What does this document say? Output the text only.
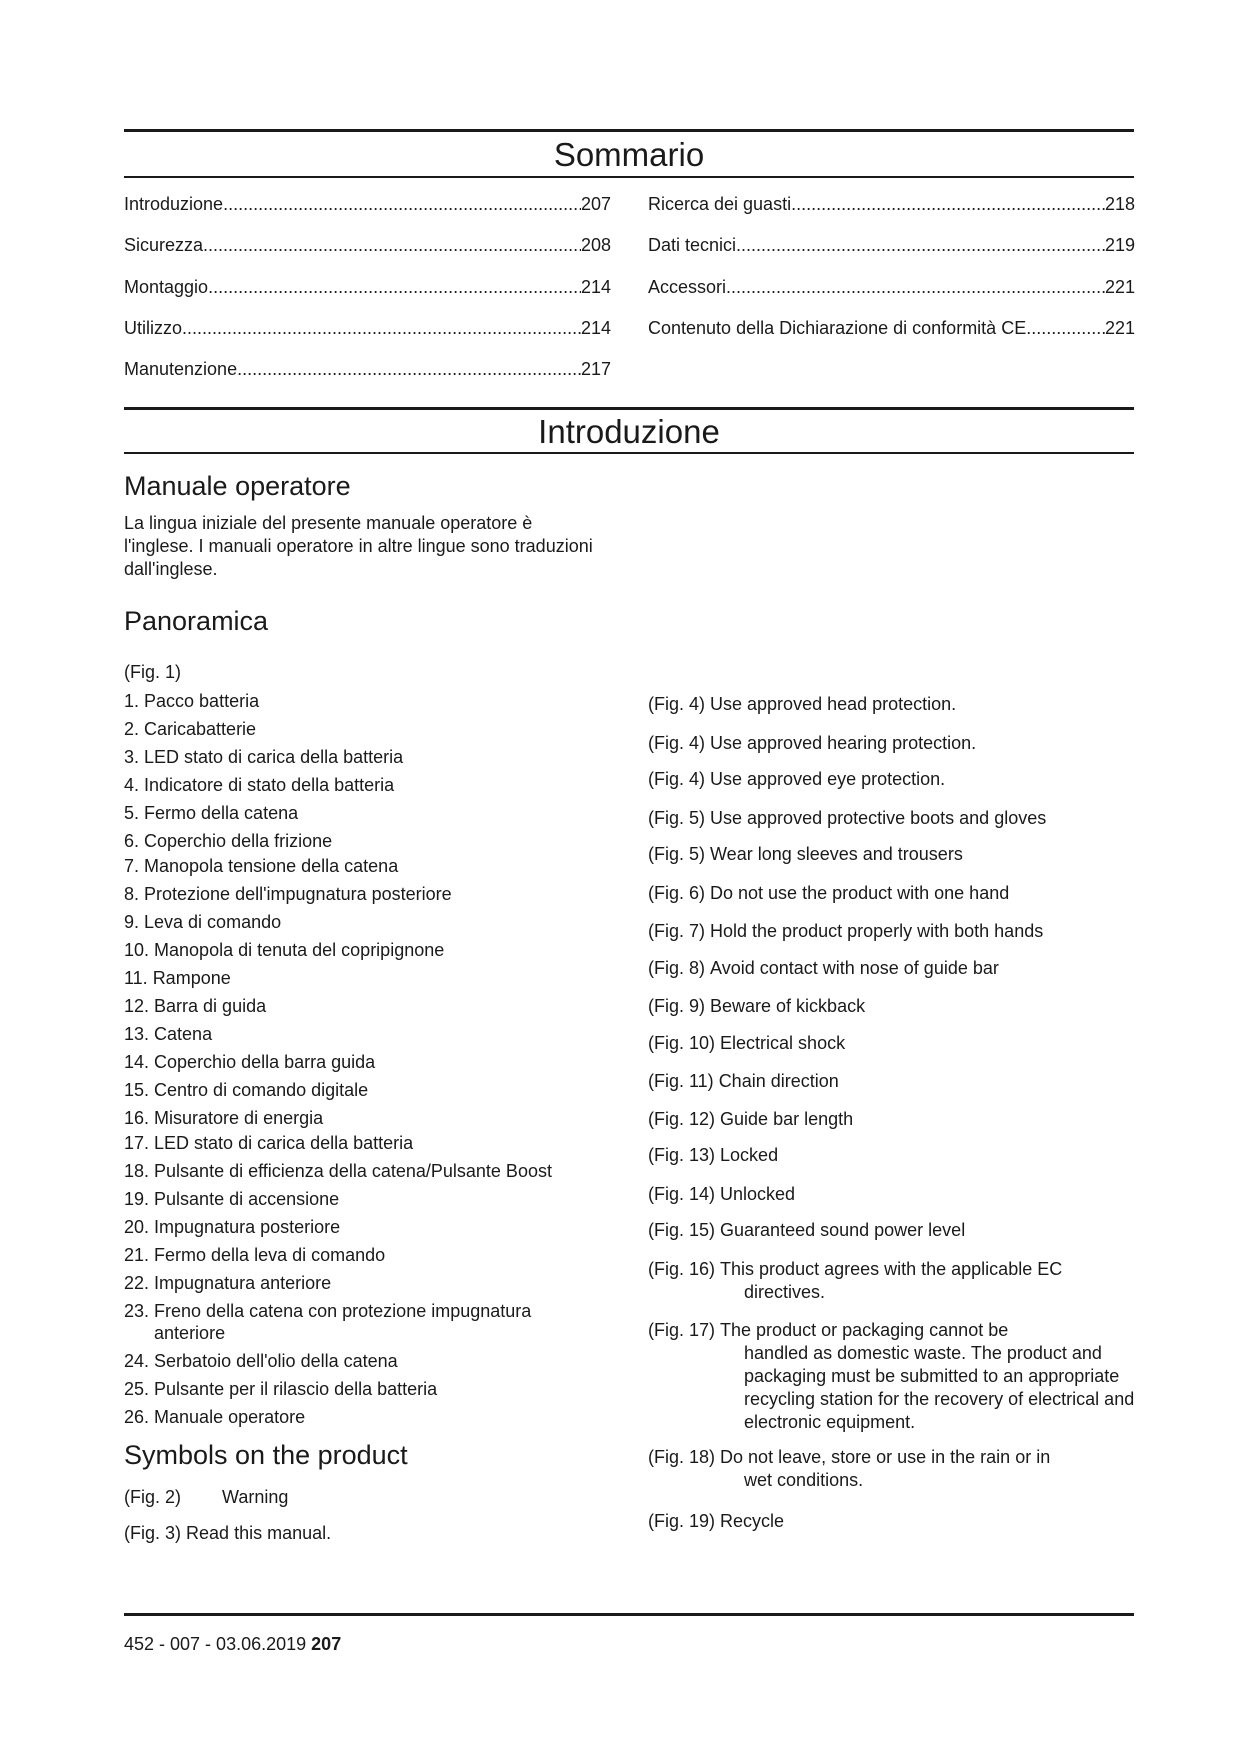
Sommario
Introduzione .....	207
Sicurezza .....	208
Montaggio .....	214
Utilizzo .....	214
Manutenzione .....	217
Ricerca dei guasti .....	218
Dati tecnici .....	219
Accessori .....	221
Contenuto della Dichiarazione di conformità CE .....	221
Introduzione
Manuale operatore

La lingua iniziale del presente manuale operatore è l'inglese. I manuali operatore in altre lingue sono traduzioni dall'inglese.

Panoramica
(Fig. 1)
1. Pacco batteria
2. Caricabatterie
3. LED stato di carica della batteria
4. Indicatore di stato della batteria
5. Fermo della catena
6. Coperchio della frizione
7. Manopola tensione della catena
8. Protezione dell'impugnatura posteriore
9. Leva di comando
10. Manopola di tenuta del copripignone
11. Rampone
12. Barra di guida
13. Catena
14. Coperchio della barra guida
15. Centro di comando digitale
16. Misuratore di energia
17. LED stato di carica della batteria
18. Pulsante di efficienza della catena/Pulsante Boost
19. Pulsante di accensione
20. Impugnatura posteriore
21. Fermo della leva di comando
22. Impugnatura anteriore
23. Freno della catena con protezione impugnatura anteriore
24. Serbatoio dell'olio della catena
25. Pulsante per il rilascio della batteria
26. Manuale operatore
Symbols on the product
(Fig. 2) Warning
(Fig. 3) Read this manual.
(Fig. 4) Use approved head protection.
(Fig. 4) Use approved hearing protection.
(Fig. 4) Use approved eye protection.
(Fig. 5) Use approved protective boots and gloves
(Fig. 5) Wear long sleeves and trousers
(Fig. 6) Do not use the product with one hand
(Fig. 7) Hold the product properly with both hands
(Fig. 8) Avoid contact with nose of guide bar
(Fig. 9) Beware of kickback
(Fig. 10) Electrical shock
(Fig. 11) Chain direction
(Fig. 12) Guide bar length
(Fig. 13) Locked
(Fig. 14) Unlocked
(Fig. 15) Guaranteed sound power level
(Fig. 16) This product agrees with the applicable EC
directives.
(Fig. 17) The product or packaging cannot be
handled as domestic waste. The product and packaging must be submitted to an appropriate recycling station for the recovery of electrical and electronic equipment.
(Fig. 18) Do not leave, store or use in the rain or in
wet conditions.
(Fig. 19) Recycle
452 - 007 - 03.06.2019 207
